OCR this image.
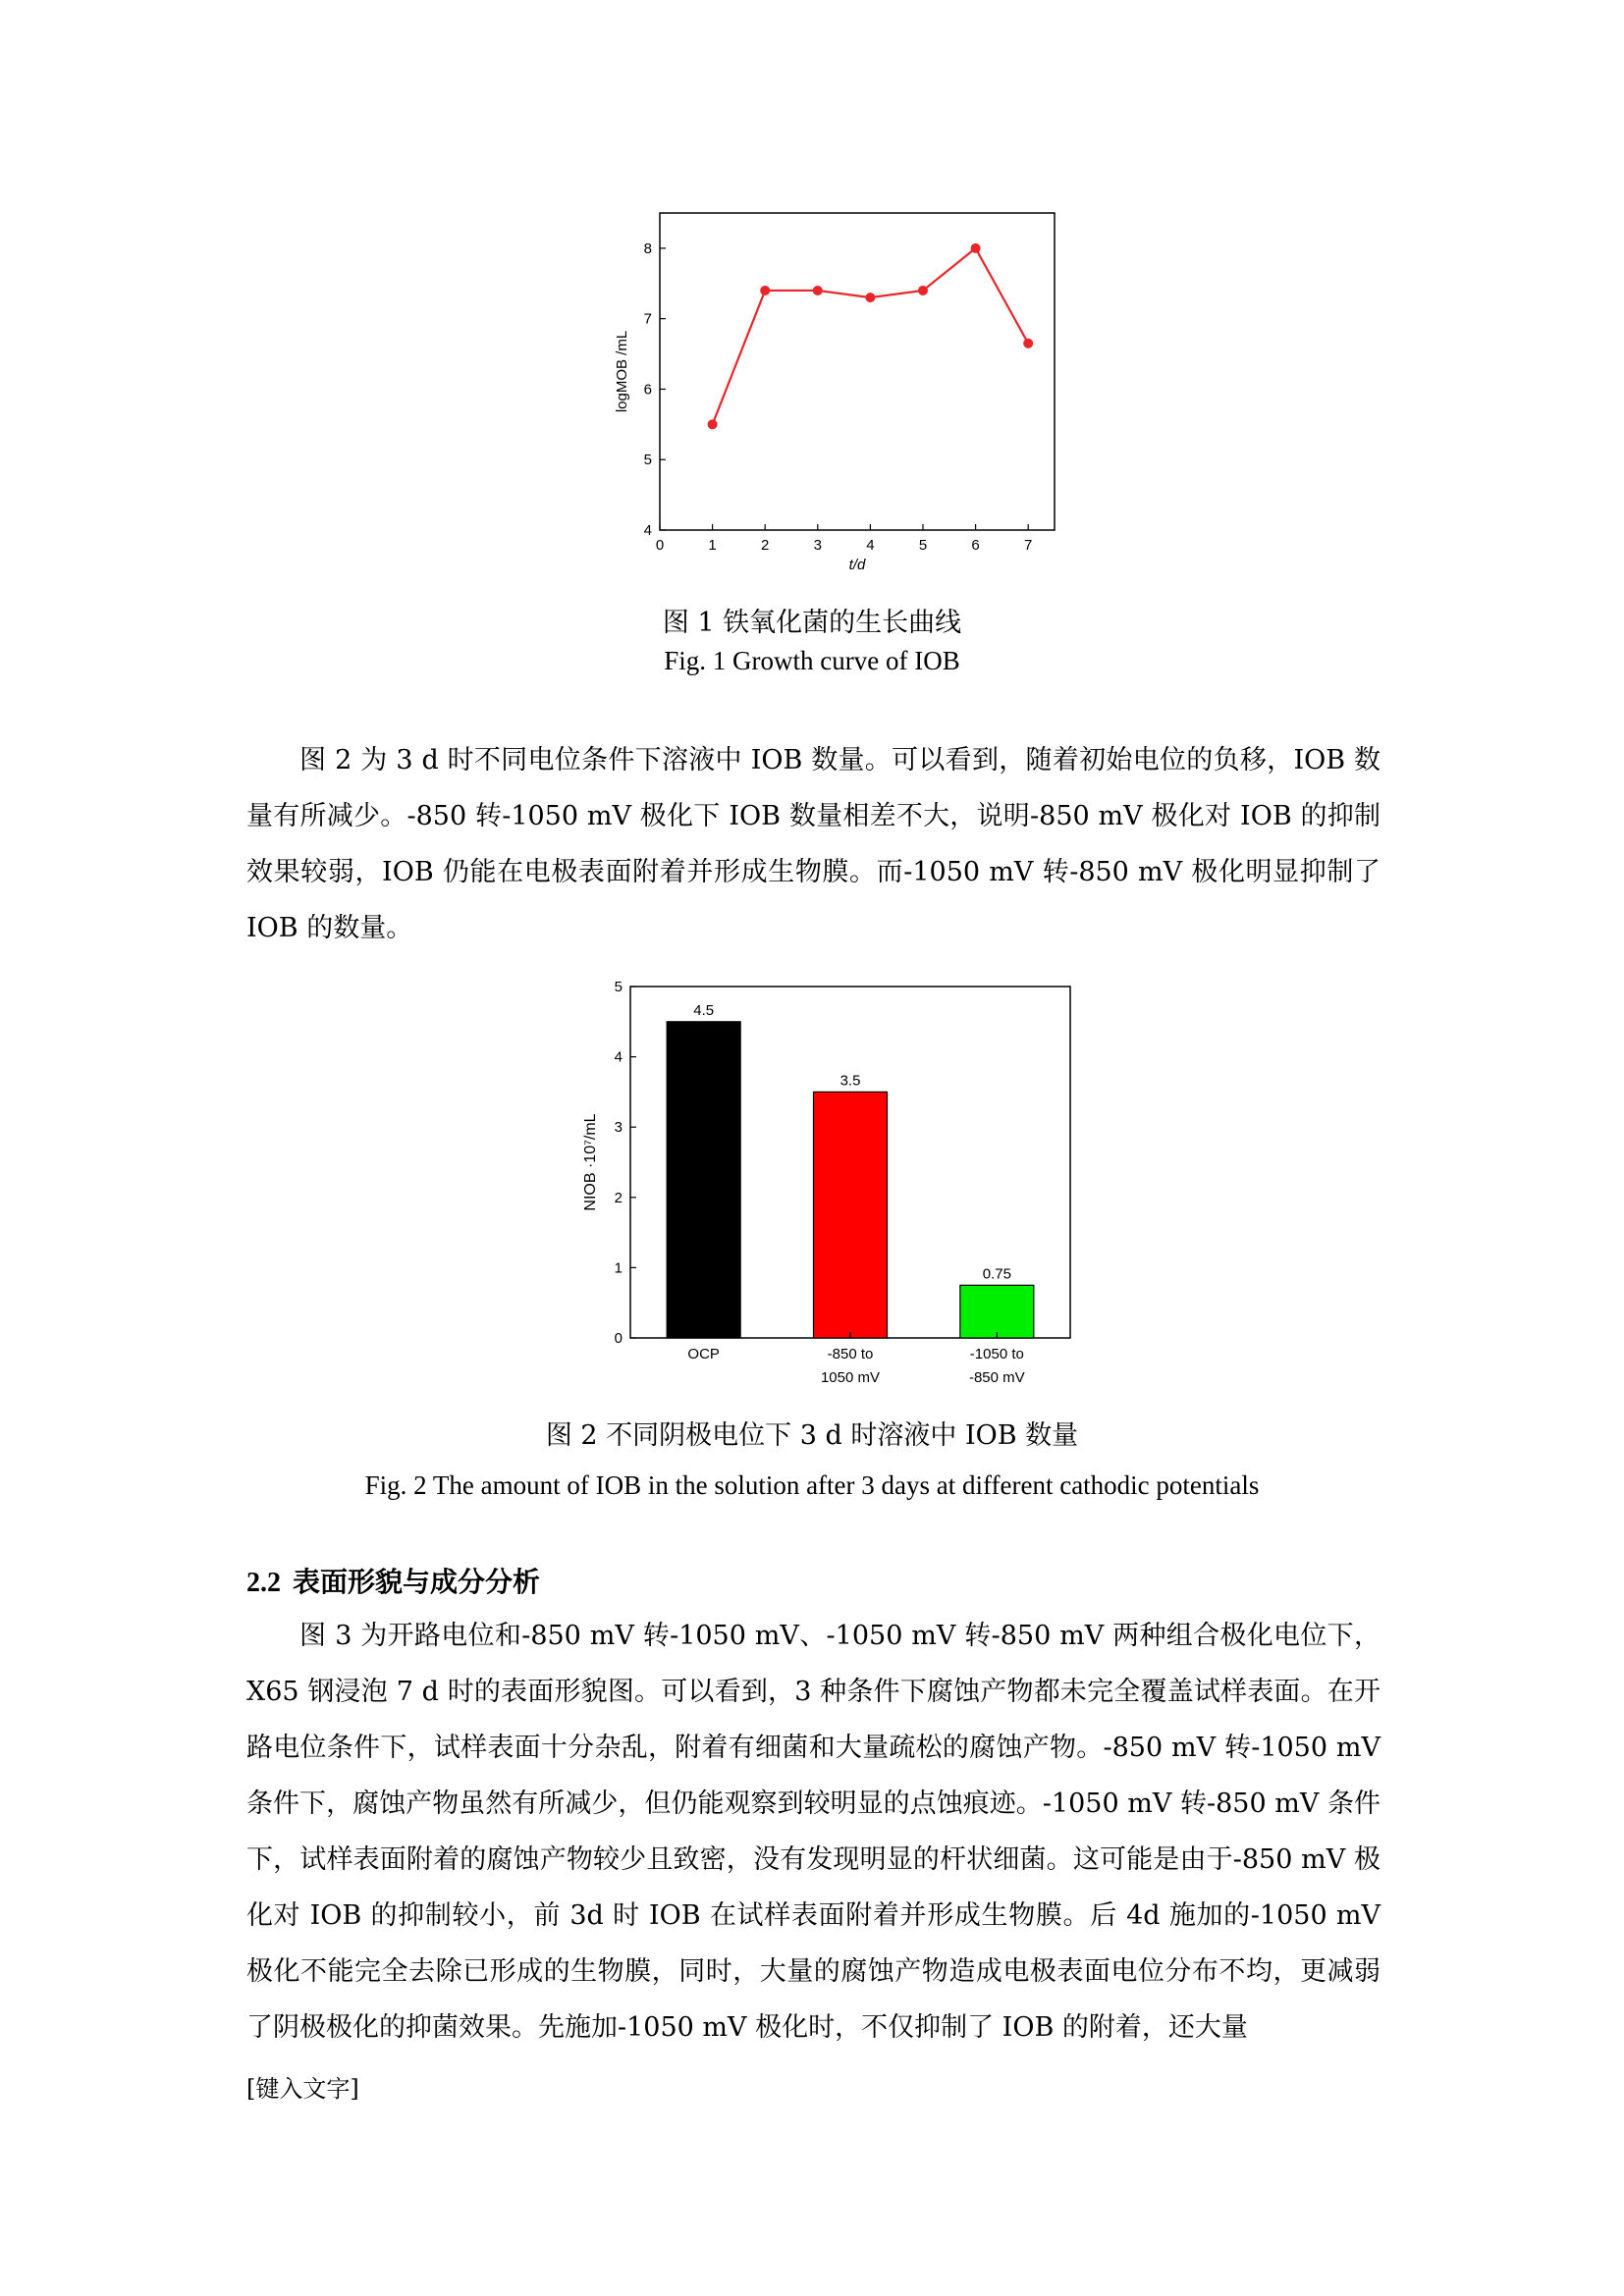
0	1	2	3	4	5	6	7
4
5
6
7
8
t/d
logMOB /mL
图 1 铁氧化菌的生长曲线
Fig. 1 Growth curve of IOB

图 2 为 3 d 时不同电位条件下溶液中 IOB 数量。可以看到，随着初始电位的负移，IOB 数量有所减少。-850 转-1050 mV 极化下 IOB 数量相差不大，说明-850 mV 极化对 IOB 的抑制效果较弱，IOB 仍能在电极表面附着并形成生物膜。而-1050 mV 转-850 mV 极化明显抑制了 IOB 的数量。

0
1
2
3
4
5
4.5
OCP
3.5
-850 to
1050 mV
0.75
-1050 to
-850 mV
NIOB ·10⁷/mL
图 2 不同阴极电位下 3 d 时溶液中 IOB 数量
Fig. 2 The amount of IOB in the solution after 3 days at different cathodic potentials
2.2 表面形貌与成分分析

图 3 为开路电位和-850 mV 转-1050 mV、-1050 mV 转-850 mV 两种组合极化电位下，X65 钢浸泡 7 d 时的表面形貌图。可以看到，3 种条件下腐蚀产物都未完全覆盖试样表面。在开路电位条件下，试样表面十分杂乱，附着有细菌和大量疏松的腐蚀产物。-850 mV 转-1050 mV 条件下，腐蚀产物虽然有所减少，但仍能观察到较明显的点蚀痕迹。-1050 mV 转-850 mV 条件下，试样表面附着的腐蚀产物较少且致密，没有发现明显的杆状细菌。这可能是由于-850 mV 极化对 IOB 的抑制较小，前 3d 时 IOB 在试样表面附着并形成生物膜。后 4d 施加的-1050 mV 极化不能完全去除已形成的生物膜，同时，大量的腐蚀产物造成电极表面电位分布不均，更减弱了阴极极化的抑菌效果。先施加-1050 mV 极化时，不仅抑制了 IOB 的附着，还大量

[键入文字]
